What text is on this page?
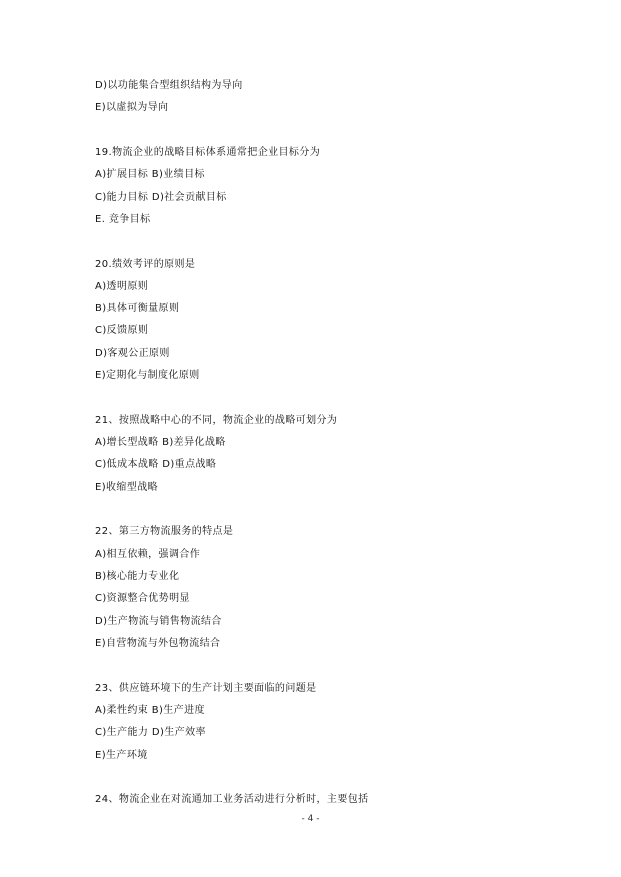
D)以功能集合型组织结构为导向
E)以虚拟为导向
19.物流企业的战略目标体系通常把企业目标分为
A)扩展目标 B)业绩目标
C)能力目标 D)社会贡献目标
E. 竞争目标
20.绩效考评的原则是
A)透明原则
B)具体可衡量原则
C)反馈原则
D)客观公正原则
E)定期化与制度化原则
21、按照战略中心的不同，物流企业的战略可划分为
A)增长型战略 B)差异化战略
C)低成本战略 D)重点战略
E)收缩型战略
22、第三方物流服务的特点是
A)相互依赖，强调合作
B)核心能力专业化
C)资源整合优势明显
D)生产物流与销售物流结合
E)自营物流与外包物流结合
23、供应链环境下的生产计划主要面临的问题是
A)柔性约束 B)生产进度
C)生产能力 D)生产效率
E)生产环境
24、物流企业在对流通加工业务活动进行分析时，主要包括
- 4 -
